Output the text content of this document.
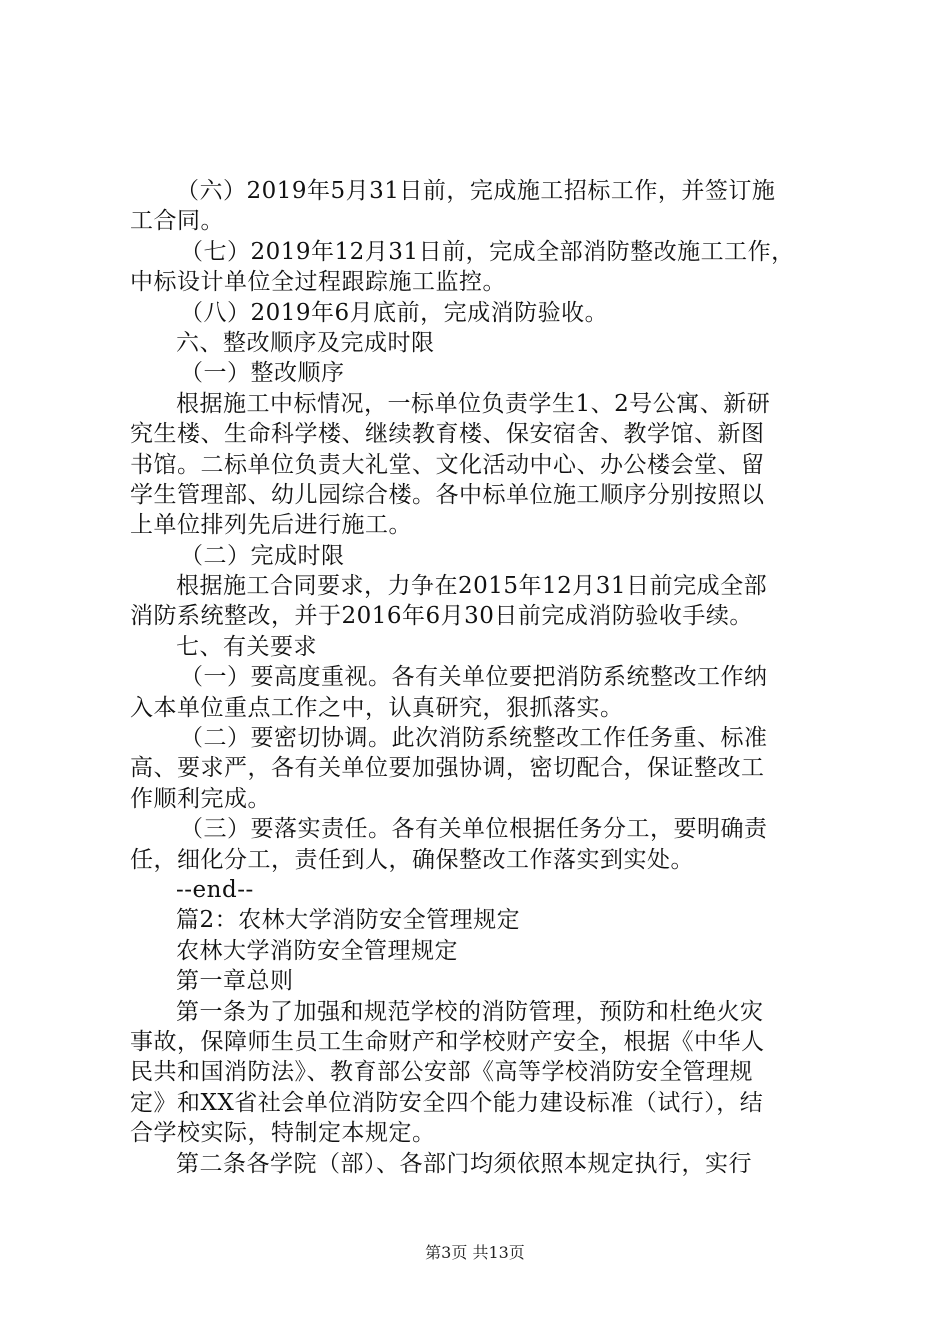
（六）2019年5月31日前，完成施工招标工作，并签订施
工合同。
（七）2019年12月31日前，完成全部消防整改施工工作，
中标设计单位全过程跟踪施工监控。
（八）2019年6月底前，完成消防验收。
六、整改顺序及完成时限
（一）整改顺序
根据施工中标情况，一标单位负责学生1、2号公寓、新研
究生楼、生命科学楼、继续教育楼、保安宿舍、教学馆、新图
书馆。二标单位负责大礼堂、文化活动中心、办公楼会堂、留
学生管理部、幼儿园综合楼。各中标单位施工顺序分别按照以
上单位排列先后进行施工。
（二）完成时限
根据施工合同要求，力争在2015年12月31日前完成全部
消防系统整改，并于2016年6月30日前完成消防验收手续。
七、有关要求
（一）要高度重视。各有关单位要把消防系统整改工作纳
入本单位重点工作之中，认真研究，狠抓落实。
（二）要密切协调。此次消防系统整改工作任务重、标准
高、要求严，各有关单位要加强协调，密切配合，保证整改工
作顺利完成。
（三）要落实责任。各有关单位根据任务分工，要明确责
任，细化分工，责任到人，确保整改工作落实到实处。
--end--
篇2：农林大学消防安全管理规定
农林大学消防安全管理规定
第一章总则
第一条为了加强和规范学校的消防管理，预防和杜绝火灾
事故，保障师生员工生命财产和学校财产安全，根据《中华人
民共和国消防法》、教育部公安部《高等学校消防安全管理规
定》和XX省社会单位消防安全四个能力建设标准（试行），结
合学校实际，特制定本规定。
第二条各学院（部）、各部门均须依照本规定执行，实行
第3页 共13页
